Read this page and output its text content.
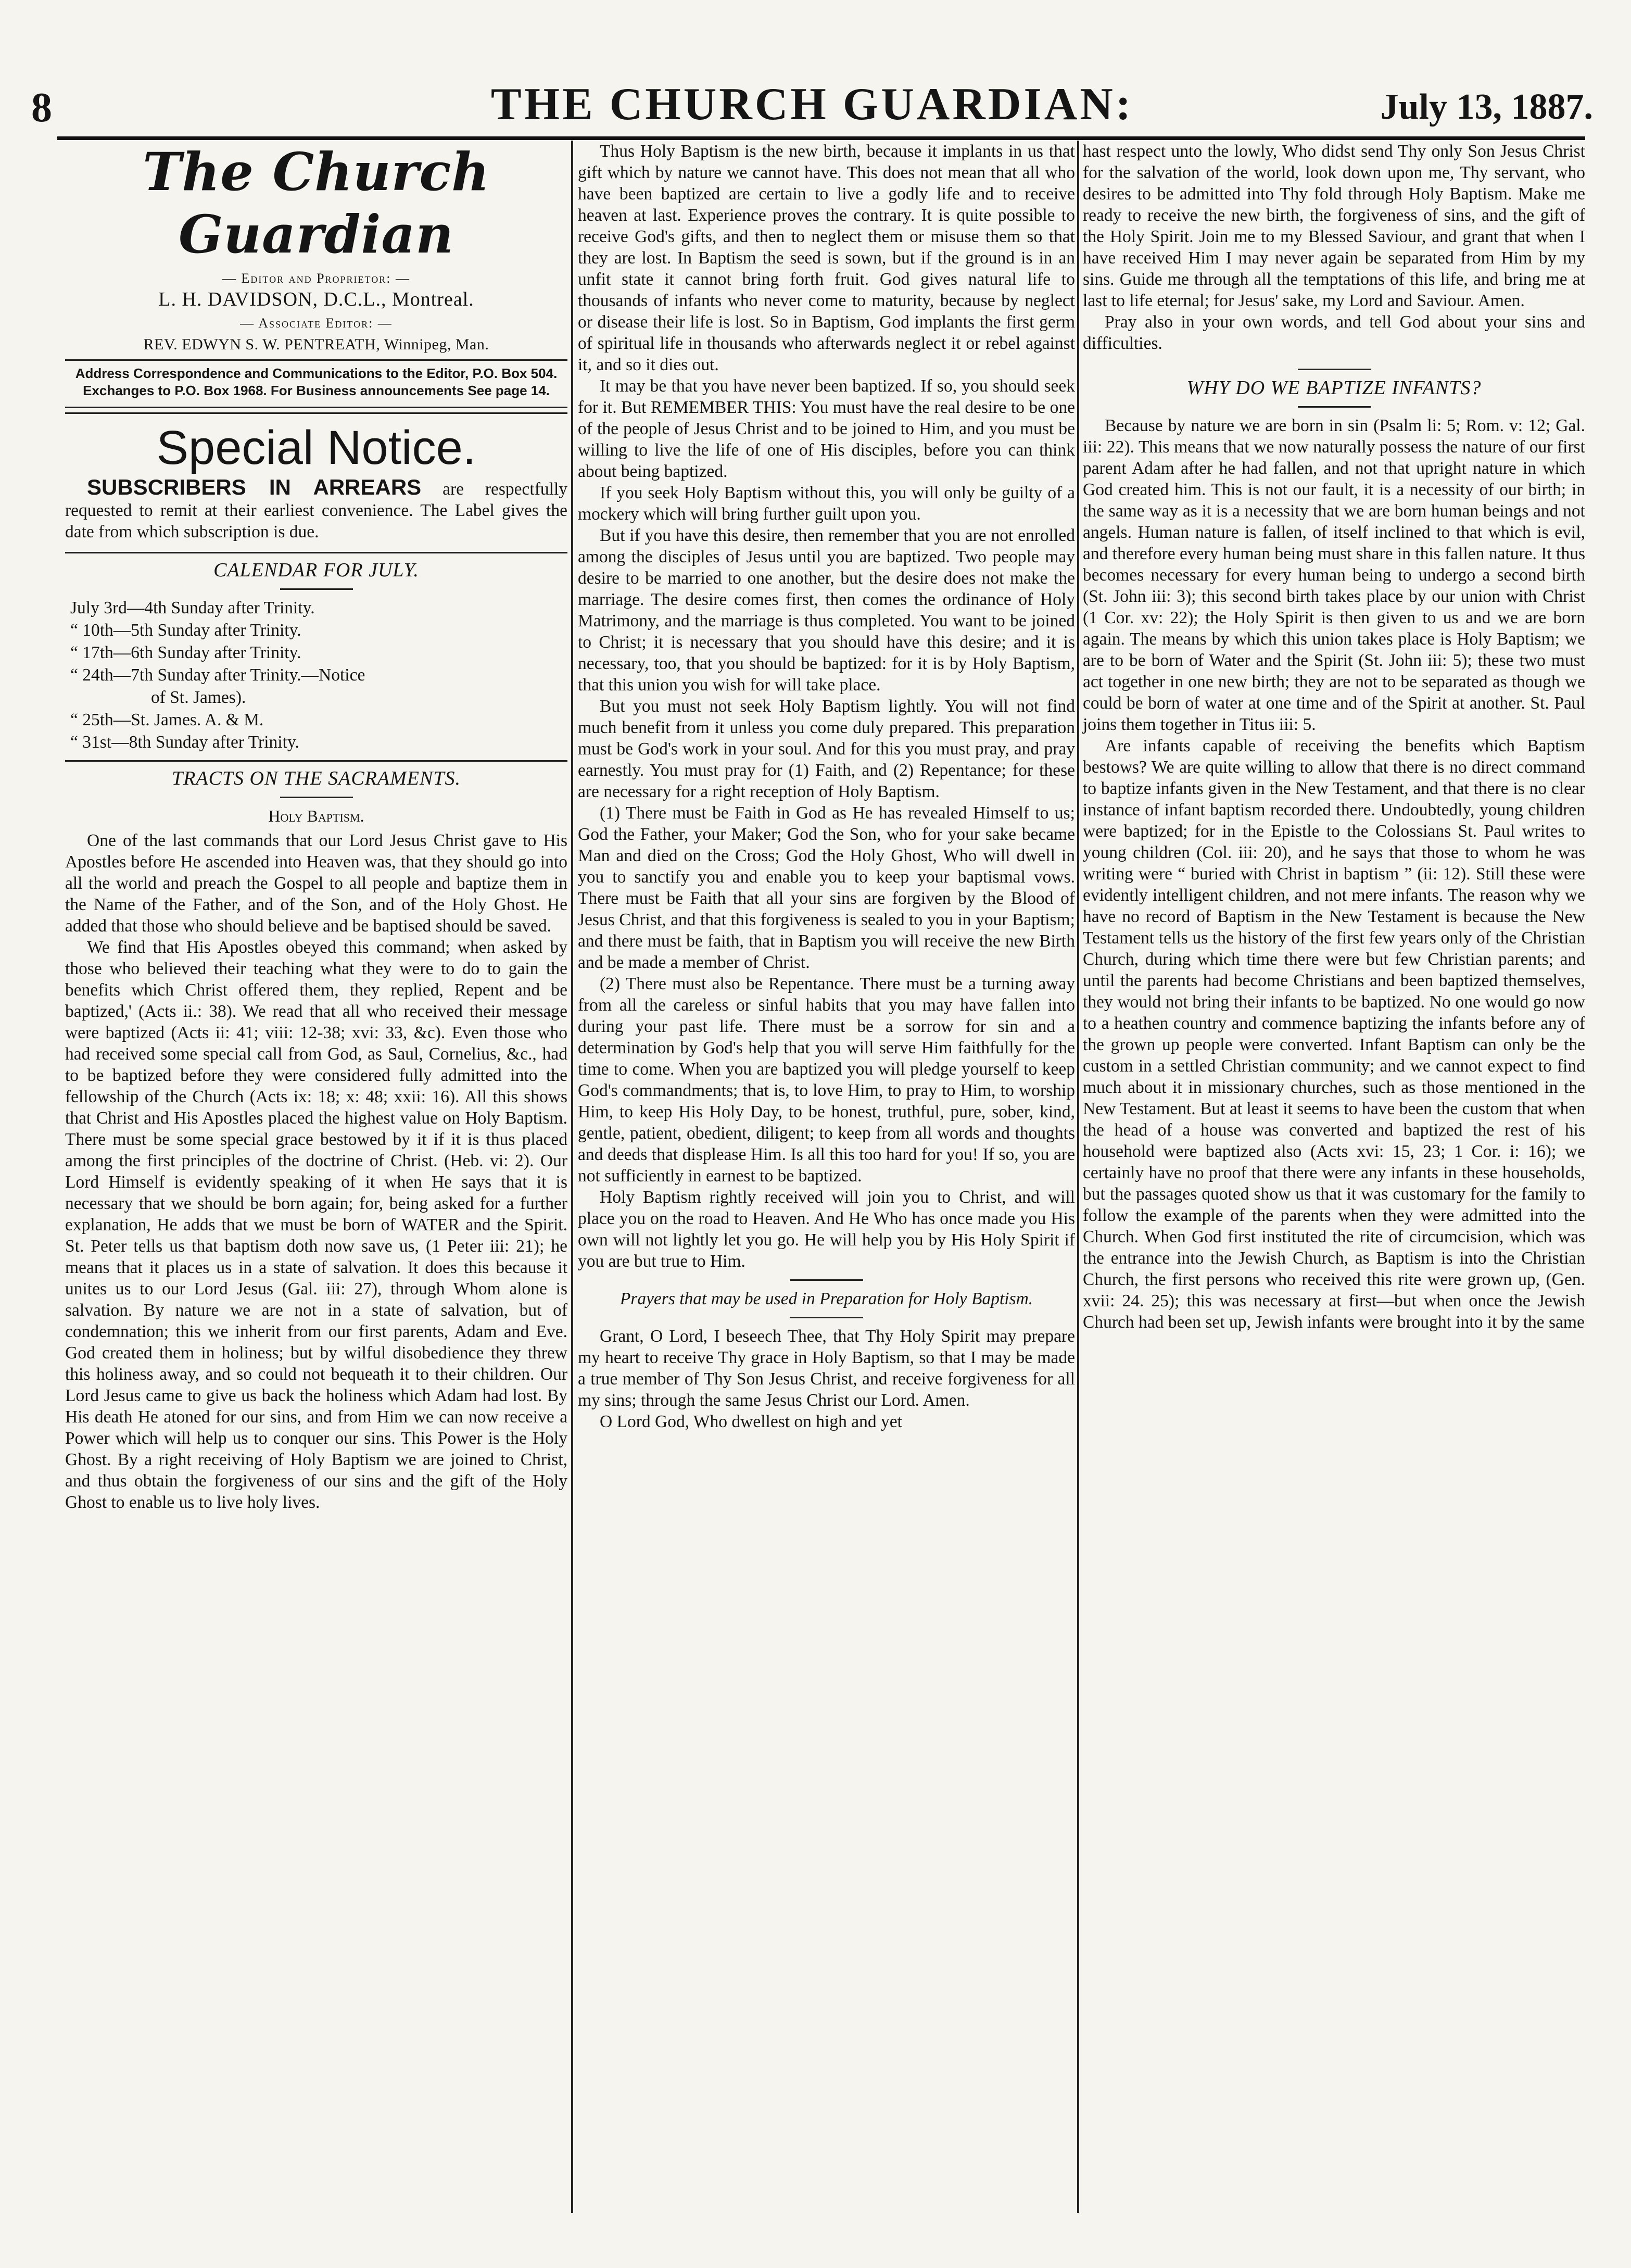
8	THE CHURCH GUARDIAN:	July 13, 1887.
The Church Guardian
— Editor and Proprietor: —
L. H. DAVIDSON, D.C.L., Montreal.
— Associate Editor: —
REV. EDWYN S. W. PENTREATH, Winnipeg, Man.
Address Correspondence and Communications to the Editor, P.O. Box 504. Exchanges to P.O. Box 1968. For Business announcements See page 14.
Special Notice.

SUBSCRIBERS IN ARREARS are respectfully requested to remit at their earliest convenience. The Label gives the date from which subscription is due.

CALENDAR FOR JULY.
July 3rd—4th Sunday after Trinity.
“ 10th—5th Sunday after Trinity.
“ 17th—6th Sunday after Trinity.
“ 24th—7th Sunday after Trinity.—Notice
of St. James).
“ 25th—St. James. A. & M.
“ 31st—8th Sunday after Trinity.
TRACTS ON THE SACRAMENTS.
Holy Baptism.

One of the last commands that our Lord Jesus Christ gave to His Apostles before He ascended into Heaven was, that they should go into all the world and preach the Gospel to all people and baptize them in the Name of the Father, and of the Son, and of the Holy Ghost. He added that those who should believe and be baptised should be saved.

We find that His Apostles obeyed this command; when asked by those who believed their teaching what they were to do to gain the benefits which Christ offered them, they replied, Repent and be baptized,' (Acts ii.: 38). We read that all who received their message were baptized (Acts ii: 41; viii: 12-38; xvi: 33, &c). Even those who had received some special call from God, as Saul, Cornelius, &c., had to be baptized before they were considered fully admitted into the fellowship of the Church (Acts ix: 18; x: 48; xxii: 16). All this shows that Christ and His Apostles placed the highest value on Holy Baptism. There must be some special grace bestowed by it if it is thus placed among the first principles of the doctrine of Christ. (Heb. vi: 2). Our Lord Himself is evidently speaking of it when He says that it is necessary that we should be born again; for, being asked for a further explanation, He adds that we must be born of WATER and the Spirit. St. Peter tells us that baptism doth now save us, (1 Peter iii: 21); he means that it places us in a state of salvation. It does this because it unites us to our Lord Jesus (Gal. iii: 27), through Whom alone is salvation. By nature we are not in a state of salvation, but of condemnation; this we inherit from our first parents, Adam and Eve. God created them in holiness; but by wilful disobedience they threw this holiness away, and so could not bequeath it to their children. Our Lord Jesus came to give us back the holiness which Adam had lost. By His death He atoned for our sins, and from Him we can now receive a Power which will help us to conquer our sins. This Power is the Holy Ghost. By a right receiving of Holy Baptism we are joined to Christ, and thus obtain the forgiveness of our sins and the gift of the Holy Ghost to enable us to live holy lives.

Thus Holy Baptism is the new birth, because it implants in us that gift which by nature we cannot have. This does not mean that all who have been baptized are certain to live a godly life and to receive heaven at last. Experience proves the contrary. It is quite possible to receive God's gifts, and then to neglect them or misuse them so that they are lost. In Baptism the seed is sown, but if the ground is in an unfit state it cannot bring forth fruit. God gives natural life to thousands of infants who never come to maturity, because by neglect or disease their life is lost. So in Baptism, God implants the first germ of spiritual life in thousands who afterwards neglect it or rebel against it, and so it dies out.

It may be that you have never been baptized. If so, you should seek for it. But REMEMBER THIS: You must have the real desire to be one of the people of Jesus Christ and to be joined to Him, and you must be willing to live the life of one of His disciples, before you can think about being baptized.

If you seek Holy Baptism without this, you will only be guilty of a mockery which will bring further guilt upon you.

But if you have this desire, then remember that you are not enrolled among the disciples of Jesus until you are baptized. Two people may desire to be married to one another, but the desire does not make the marriage. The desire comes first, then comes the ordinance of Holy Matrimony, and the marriage is thus completed. You want to be joined to Christ; it is necessary that you should have this desire; and it is necessary, too, that you should be baptized: for it is by Holy Baptism, that this union you wish for will take place.

But you must not seek Holy Baptism lightly. You will not find much benefit from it unless you come duly prepared. This preparation must be God's work in your soul. And for this you must pray, and pray earnestly. You must pray for (1) Faith, and (2) Repentance; for these are necessary for a right reception of Holy Baptism.

(1) There must be Faith in God as He has revealed Himself to us; God the Father, your Maker; God the Son, who for your sake became Man and died on the Cross; God the Holy Ghost, Who will dwell in you to sanctify you and enable you to keep your baptismal vows. There must be Faith that all your sins are forgiven by the Blood of Jesus Christ, and that this forgiveness is sealed to you in your Baptism; and there must be faith, that in Baptism you will receive the new Birth and be made a member of Christ.

(2) There must also be Repentance. There must be a turning away from all the careless or sinful habits that you may have fallen into during your past life. There must be a sorrow for sin and a determination by God's help that you will serve Him faithfully for the time to come. When you are baptized you will pledge yourself to keep God's commandments; that is, to love Him, to pray to Him, to worship Him, to keep His Holy Day, to be honest, truthful, pure, sober, kind, gentle, patient, obedient, diligent; to keep from all words and thoughts and deeds that displease Him. Is all this too hard for you! If so, you are not sufficiently in earnest to be baptized.

Holy Baptism rightly received will join you to Christ, and will place you on the road to Heaven. And He Who has once made you His own will not lightly let you go. He will help you by His Holy Spirit if you are but true to Him.

Prayers that may be used in Preparation for Holy Baptism.

Grant, O Lord, I beseech Thee, that Thy Holy Spirit may prepare my heart to receive Thy grace in Holy Baptism, so that I may be made a true member of Thy Son Jesus Christ, and receive forgiveness for all my sins; through the same Jesus Christ our Lord. Amen.

O Lord God, Who dwellest on high and yet

hast respect unto the lowly, Who didst send Thy only Son Jesus Christ for the salvation of the world, look down upon me, Thy servant, who desires to be admitted into Thy fold through Holy Baptism. Make me ready to receive the new birth, the forgiveness of sins, and the gift of the Holy Spirit. Join me to my Blessed Saviour, and grant that when I have received Him I may never again be separated from Him by my sins. Guide me through all the temptations of this life, and bring me at last to life eternal; for Jesus' sake, my Lord and Saviour. Amen.

Pray also in your own words, and tell God about your sins and difficulties.

WHY DO WE BAPTIZE INFANTS?

Because by nature we are born in sin (Psalm li: 5; Rom. v: 12; Gal. iii: 22). This means that we now naturally possess the nature of our first parent Adam after he had fallen, and not that upright nature in which God created him. This is not our fault, it is a necessity of our birth; in the same way as it is a necessity that we are born human beings and not angels. Human nature is fallen, of itself inclined to that which is evil, and therefore every human being must share in this fallen nature. It thus becomes necessary for every human being to undergo a second birth (St. John iii: 3); this second birth takes place by our union with Christ (1 Cor. xv: 22); the Holy Spirit is then given to us and we are born again. The means by which this union takes place is Holy Baptism; we are to be born of Water and the Spirit (St. John iii: 5); these two must act together in one new birth; they are not to be separated as though we could be born of water at one time and of the Spirit at another. St. Paul joins them together in Titus iii: 5.

Are infants capable of receiving the benefits which Baptism bestows? We are quite willing to allow that there is no direct command to baptize infants given in the New Testament, and that there is no clear instance of infant baptism recorded there. Undoubtedly, young children were baptized; for in the Epistle to the Colossians St. Paul writes to young children (Col. iii: 20), and he says that those to whom he was writing were “ buried with Christ in baptism ” (ii: 12). Still these were evidently intelligent children, and not mere infants. The reason why we have no record of Baptism in the New Testament is because the New Testament tells us the history of the first few years only of the Christian Church, during which time there were but few Christian parents; and until the parents had become Christians and been baptized themselves, they would not bring their infants to be baptized. No one would go now to a heathen country and commence baptizing the infants before any of the grown up people were converted. Infant Baptism can only be the custom in a settled Christian community; and we cannot expect to find much about it in missionary churches, such as those mentioned in the New Testament. But at least it seems to have been the custom that when the head of a house was converted and baptized the rest of his household were baptized also (Acts xvi: 15, 23; 1 Cor. i: 16); we certainly have no proof that there were any infants in these households, but the passages quoted show us that it was customary for the family to follow the example of the parents when they were admitted into the Church. When God first instituted the rite of circumcision, which was the entrance into the Jewish Church, as Baptism is into the Christian Church, the first persons who received this rite were grown up, (Gen. xvii: 24. 25); this was necessary at first—but when once the Jewish Church had been set up, Jewish infants were brought into it by the same
